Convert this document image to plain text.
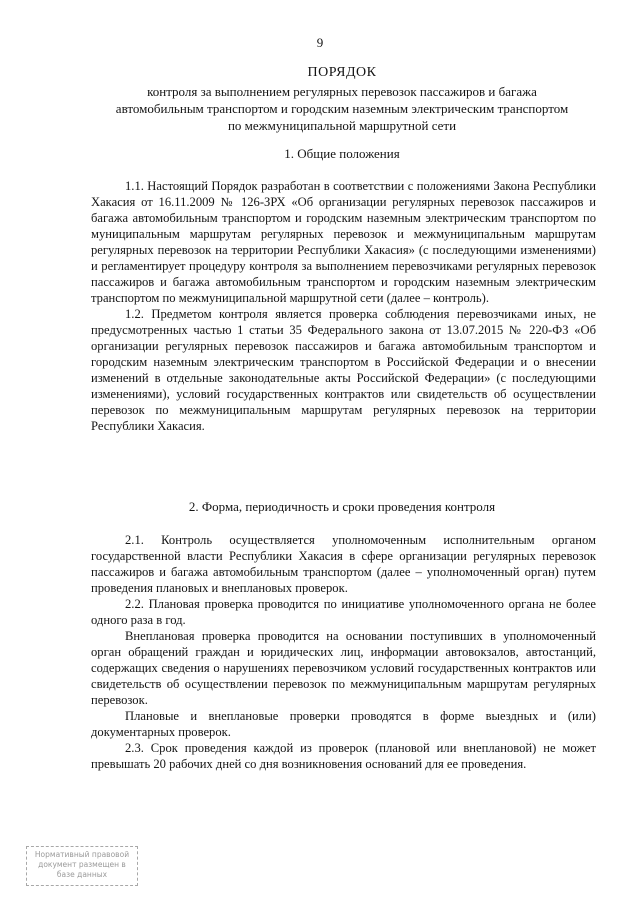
9
ПОРЯДОК
контроля за выполнением регулярных перевозок пассажиров и багажа
автомобильным транспортом и городским наземным электрическим транспортом
по межмуниципальной маршрутной сети
1. Общие положения

1.1. Настоящий Порядок разработан в соответствии с положениями Закона Республики Хакасия от 16.11.2009 № 126-ЗРХ «Об организации регулярных перевозок пассажиров и багажа автомобильным транспортом и городским наземным электрическим транспортом по муниципальным маршрутам регулярных перевозок и межмуниципальным маршрутам регулярных перевозок на территории Республики Хакасия» (с последующими изменениями) и регламентирует процедуру контроля за выполнением перевозчиками регулярных перевозок пассажиров и багажа автомобильным транспортом и городским наземным электрическим транспортом по межмуниципальной маршрутной сети (далее – контроль).

1.2. Предметом контроля является проверка соблюдения перевозчиками иных, не предусмотренных частью 1 статьи 35 Федерального закона от 13.07.2015 № 220-ФЗ «Об организации регулярных перевозок пассажиров и багажа автомобильным транспортом и городским наземным электрическим транспортом в Российской Федерации и о внесении изменений в отдельные законодательные акты Российской Федерации» (с последующими изменениями), условий государственных контрактов или свидетельств об осуществлении перевозок по межмуниципальным маршрутам регулярных перевозок на территории Республики Хакасия.

2. Форма, периодичность и сроки проведения контроля

2.1. Контроль осуществляется уполномоченным исполнительным органом государственной власти Республики Хакасия в сфере организации регулярных перевозок пассажиров и багажа автомобильным транспортом (далее – уполномоченный орган) путем проведения плановых и внеплановых проверок.

2.2. Плановая проверка проводится по инициативе уполномоченного органа не более одного раза в год.

Внеплановая проверка проводится на основании поступивших в уполномоченный орган обращений граждан и юридических лиц, информации автовокзалов, автостанций, содержащих сведения о нарушениях перевозчиком условий государственных контрактов или свидетельств об осуществлении перевозок по межмуниципальным маршрутам регулярных перевозок.

Плановые и внеплановые проверки проводятся в форме выездных и (или) документарных проверок.

2.3. Срок проведения каждой из проверок (плановой или внеплановой) не может превышать 20 рабочих дней со дня возникновения оснований для ее проведения.

Нормативный правовой
документ размещен в
базе данных
